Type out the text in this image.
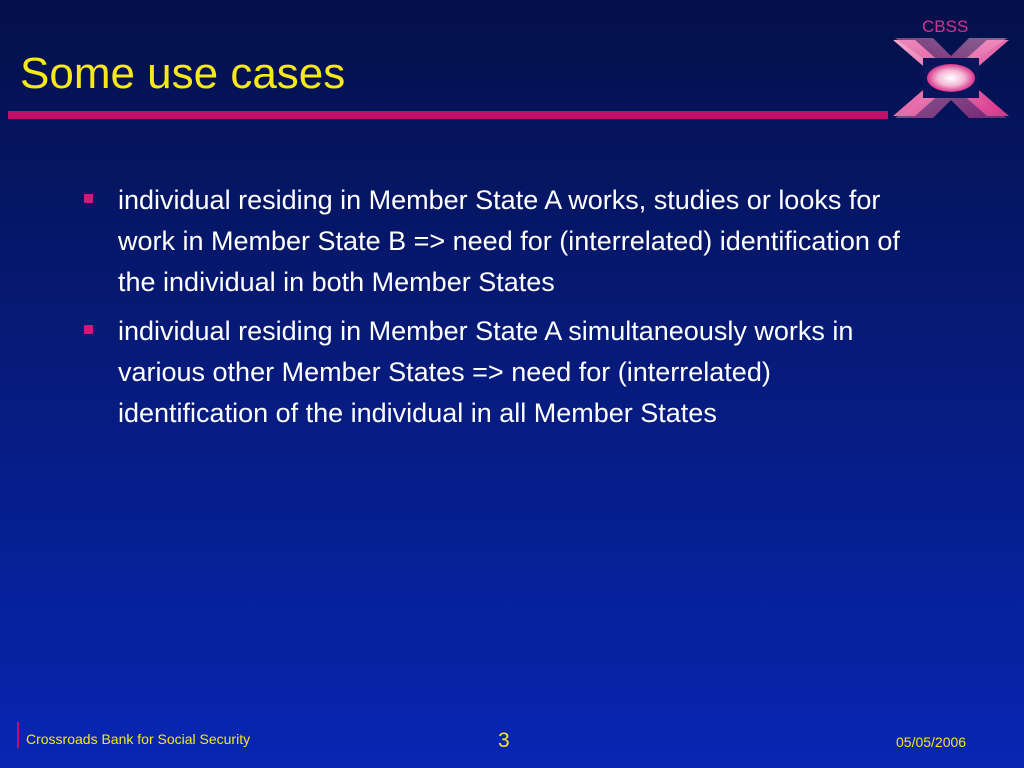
Some use cases
CBSS
individual residing in Member State A works, studies or looks for work in Member State B => need for (interrelated) identification of the individual in both Member States
individual residing in Member State A simultaneously works in various other Member States => need for (interrelated) identification of the individual in all Member States
Crossroads Bank for Social Security	3	05/05/2006
